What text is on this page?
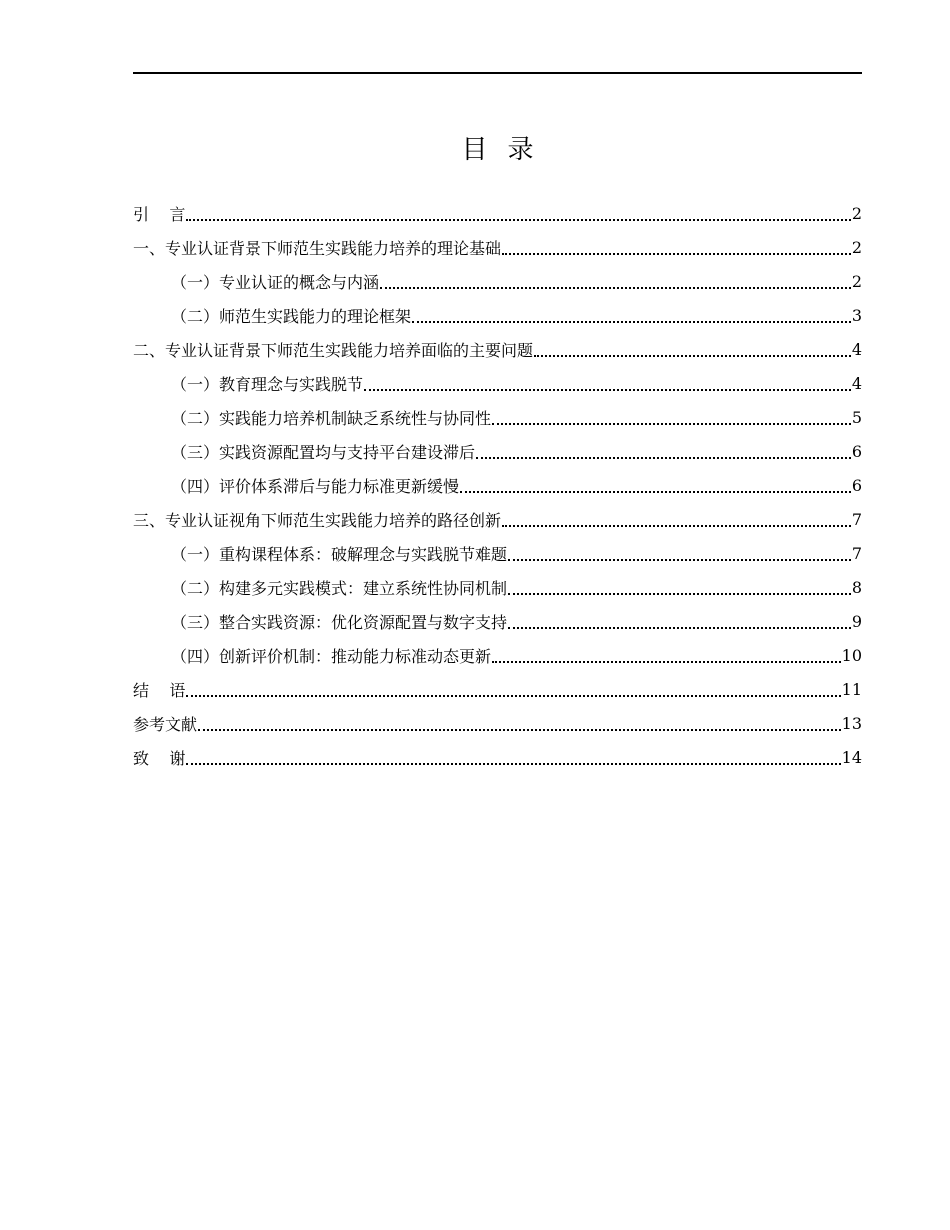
目录
引    言	2
一、专业认证背景下师范生实践能力培养的理论基础	2
（一）专业认证的概念与内涵	2
（二）师范生实践能力的理论框架	3
二、专业认证背景下师范生实践能力培养面临的主要问题	4
（一）教育理念与实践脱节	4
（二）实践能力培养机制缺乏系统性与协同性	5
（三）实践资源配置均与支持平台建设滞后	6
（四）评价体系滞后与能力标准更新缓慢	6
三、专业认证视角下师范生实践能力培养的路径创新	7
（一）重构课程体系：破解理念与实践脱节难题	7
（二）构建多元实践模式：建立系统性协同机制	8
（三）整合实践资源：优化资源配置与数字支持	9
（四）创新评价机制：推动能力标准动态更新	10
结    语	11
参考文献	13
致    谢	14
